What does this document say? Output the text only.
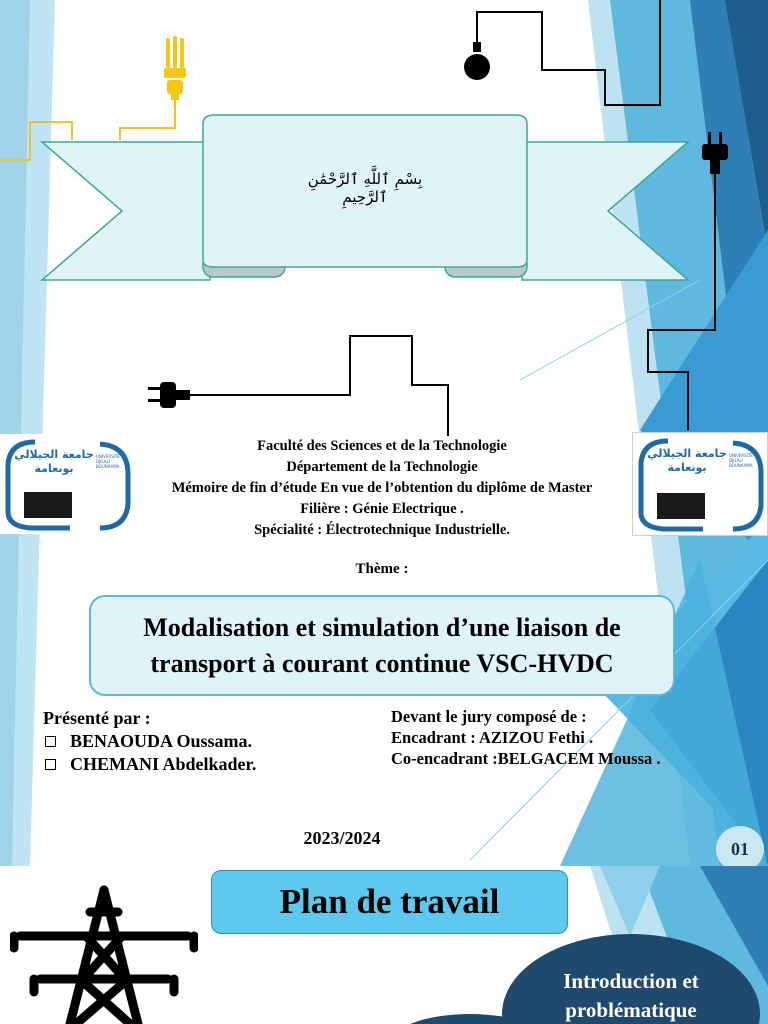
بِسْمِ ٱللَّهِ ٱلرَّحْمَٰنِ ٱلرَّحِيمِ
جامعة الجيلالي بونعامة
UNIVERSITÉ DJILALI BOUNAAMA
جامعة الجيلالي بونعامة
UNIVERSITÉ DJILALI BOUNAAMA
Faculté des Sciences et de la Technologie
Département de la Technologie
Mémoire de fin d’étude En vue de l’obtention du diplôme de Master
Filière : Génie Electrique .
Spécialité : Électrotechnique Industrielle.
Thème :
Modalisation et simulation d’une liaison de
transport à courant continue VSC-HVDC
Présenté par :
BENAOUDA Oussama.
CHEMANI Abdelkader.
Devant le jury composé de :
Encadrant : AZIZOU Fethi .
Co-encadrant :BELGACEM Moussa .
2023/2024
01
Plan de travail
Introduction et
problématique
